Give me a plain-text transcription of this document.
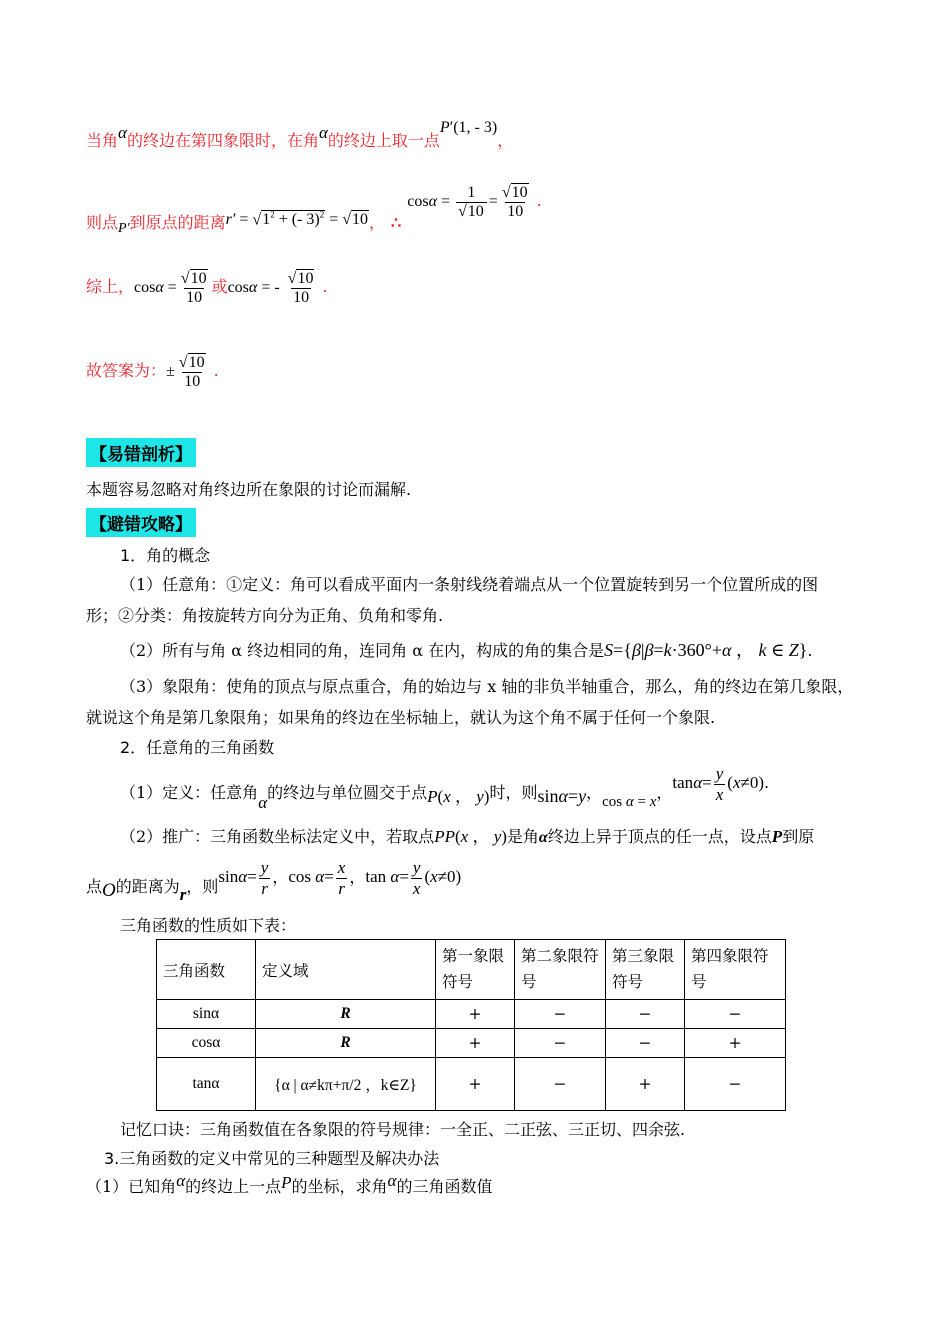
当角α的终边在第四象限时，在角α的终边上取一点P′(1, - 3)，
则点P′到原点的距离$r' = √1^2$ + (- 3)$^2$ = √10， ∴cosα = $\frac{1}{√10} = \frac{√10}{10}$ .
综上，$\cos\alpha = \frac{√10}{10}$ 或cosα = - $\frac{√10}{10}$ .
故答案为：± $\frac{√10}{10}$ .
【易错剖析】
本题容易忽略对角终边所在象限的讨论而漏解.
【避错攻略】
1．角的概念
（1）任意角：①定义：角可以看成平面内一条射线绕着端点从一个位置旋转到另一个位置所成的图
形；②分类：角按旋转方向分为正角、负角和零角.
（2）所有与角 α 终边相同的角，连同角 α 在内，构成的角的集合是S={β|β=k·360°+α ， k ∈ Z}.
（3）象限角：使角的顶点与原点重合，角的始边与 x 轴的非负半轴重合，那么，角的终边在第几象限，
就说这个角是第几象限角；如果角的终边在坐标轴上，就认为这个角不属于任何一个象限.
2．任意角的三角函数
（1）定义：任意角α的终边与单位圆交于点P(x ， y)时，则sinα=y，cos α = x，$\tan\alpha= \frac{y}{x} (x\ne 0)$.
（2）推广：三角函数坐标法定义中，若取点PP(x ， y)是角α终边上异于顶点的任一点，设点P到原
点O的距离为r，则$\sin\alpha= \frac{y}{r}$ ，$\cos \alpha= \frac{x}{r}$ ，$\tan \alpha= \frac{y}{x} (x\ne 0)$
三角函数的性质如下表：
三角函数	定义域	第一象限符号	第二象限符号	第三象限符号	第四象限符号
sinα	R	+	−	−	−
cosα	R	+	−	−	+
tanα	{α | α≠kπ+π/2 ，k∈Z}	+	−	+	−
记忆口诀：三角函数值在各象限的符号规律：一全正、二正弦、三正切、四余弦.
3.三角函数的定义中常见的三种题型及解决办法
（1）已知角α的终边上一点P的坐标，求角α的三角函数值
